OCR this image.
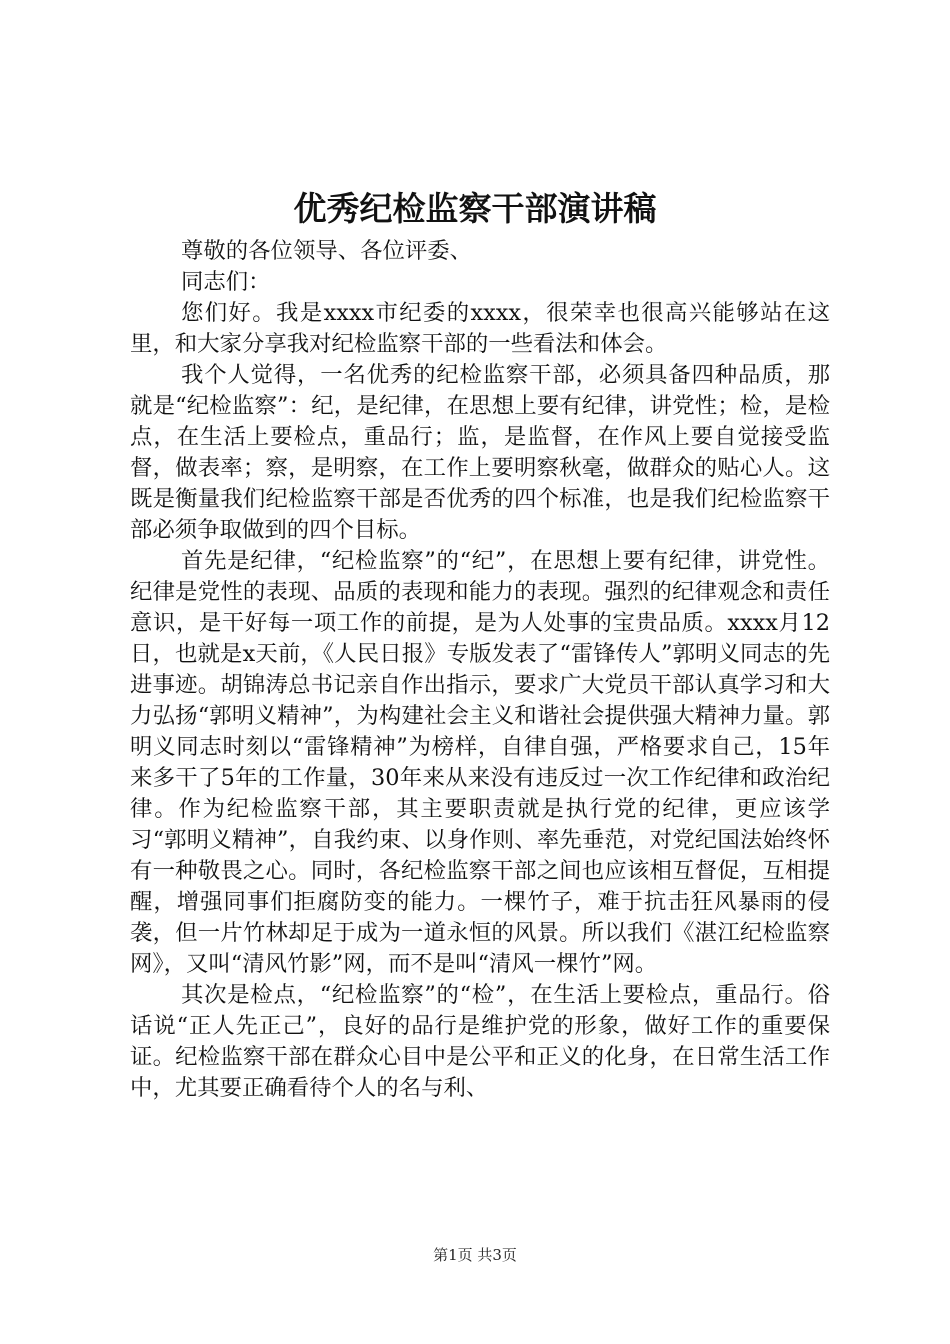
优秀纪检监察干部演讲稿

尊敬的各位领导、各位评委、

同志们：

您们好。我是xxxx市纪委的xxxx，很荣幸也很高兴能够站在这里，和大家分享我对纪检监察干部的一些看法和体会。

我个人觉得，一名优秀的纪检监察干部，必须具备四种品质，那就是“纪检监察”：纪，是纪律，在思想上要有纪律，讲党性；检，是检点，在生活上要检点，重品行；监，是监督，在作风上要自觉接受监督，做表率；察，是明察，在工作上要明察秋毫，做群众的贴心人。这既是衡量我们纪检监察干部是否优秀的四个标准，也是我们纪检监察干部必须争取做到的四个目标。

首先是纪律，“纪检监察”的“纪”，在思想上要有纪律，讲党性。纪律是党性的表现、品质的表现和能力的表现。强烈的纪律观念和责任意识，是干好每一项工作的前提，是为人处事的宝贵品质。xxxx月12日，也就是x天前，《人民日报》专版发表了“雷锋传人”郭明义同志的先进事迹。胡锦涛总书记亲自作出指示，要求广大党员干部认真学习和大力弘扬“郭明义精神”，为构建社会主义和谐社会提供强大精神力量。郭明义同志时刻以“雷锋精神”为榜样，自律自强，严格要求自己，15年来多干了5年的工作量，30年来从来没有违反过一次工作纪律和政治纪律。作为纪检监察干部，其主要职责就是执行党的纪律，更应该学习“郭明义精神”，自我约束、以身作则、率先垂范，对党纪国法始终怀有一种敬畏之心。同时，各纪检监察干部之间也应该相互督促，互相提醒，增强同事们拒腐防变的能力。一棵竹子，难于抗击狂风暴雨的侵袭，但一片竹林却足于成为一道永恒的风景。所以我们《湛江纪检监察网》，又叫“清风竹影”网，而不是叫“清风一棵竹”网。

其次是检点，“纪检监察”的“检”，在生活上要检点，重品行。俗话说“正人先正己”，良好的品行是维护党的形象，做好工作的重要保证。纪检监察干部在群众心目中是公平和正义的化身，在日常生活工作中，尤其要正确看待个人的名与利、

第1页 共3页
